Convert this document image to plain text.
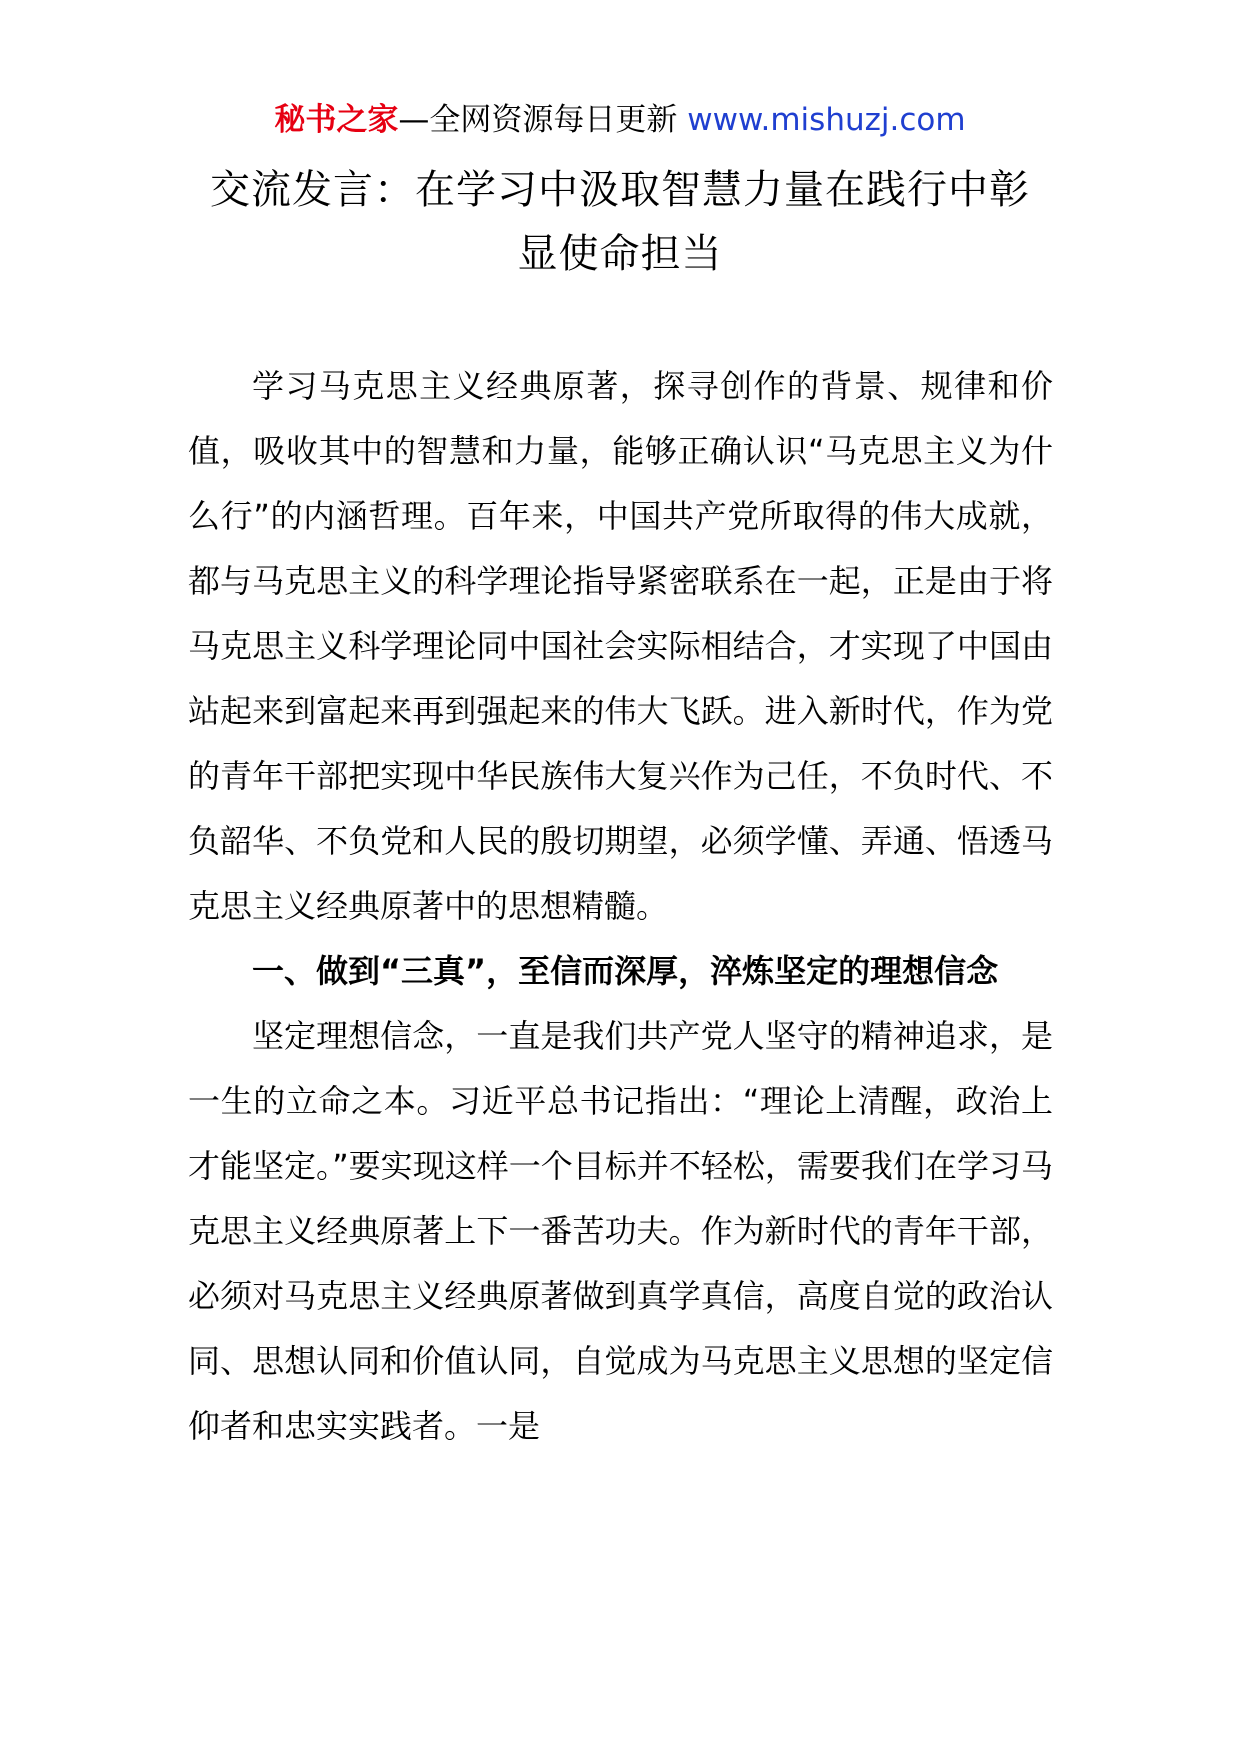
秘书之家—全网资源每日更新 www.mishuzj.com
交流发言：在学习中汲取智慧力量在践行中彰显使命担当

学习马克思主义经典原著，探寻创作的背景、规律和价值，吸收其中的智慧和力量，能够正确认识“马克思主义为什么行”的内涵哲理。百年来，中国共产党所取得的伟大成就，都与马克思主义的科学理论指导紧密联系在一起，正是由于将马克思主义科学理论同中国社会实际相结合，才实现了中国由站起来到富起来再到强起来的伟大飞跃。进入新时代，作为党的青年干部把实现中华民族伟大复兴作为己任，不负时代、不负韶华、不负党和人民的殷切期望，必须学懂、弄通、悟透马克思主义经典原著中的思想精髓。

一、做到“三真”，至信而深厚，淬炼坚定的理想信念

坚定理想信念，一直是我们共产党人坚守的精神追求，是一生的立命之本。习近平总书记指出：“理论上清醒，政治上才能坚定。”要实现这样一个目标并不轻松，需要我们在学习马克思主义经典原著上下一番苦功夫。作为新时代的青年干部，必须对马克思主义经典原著做到真学真信，高度自觉的政治认同、思想认同和价值认同，自觉成为马克思主义思想的坚定信仰者和忠实实践者。一是
